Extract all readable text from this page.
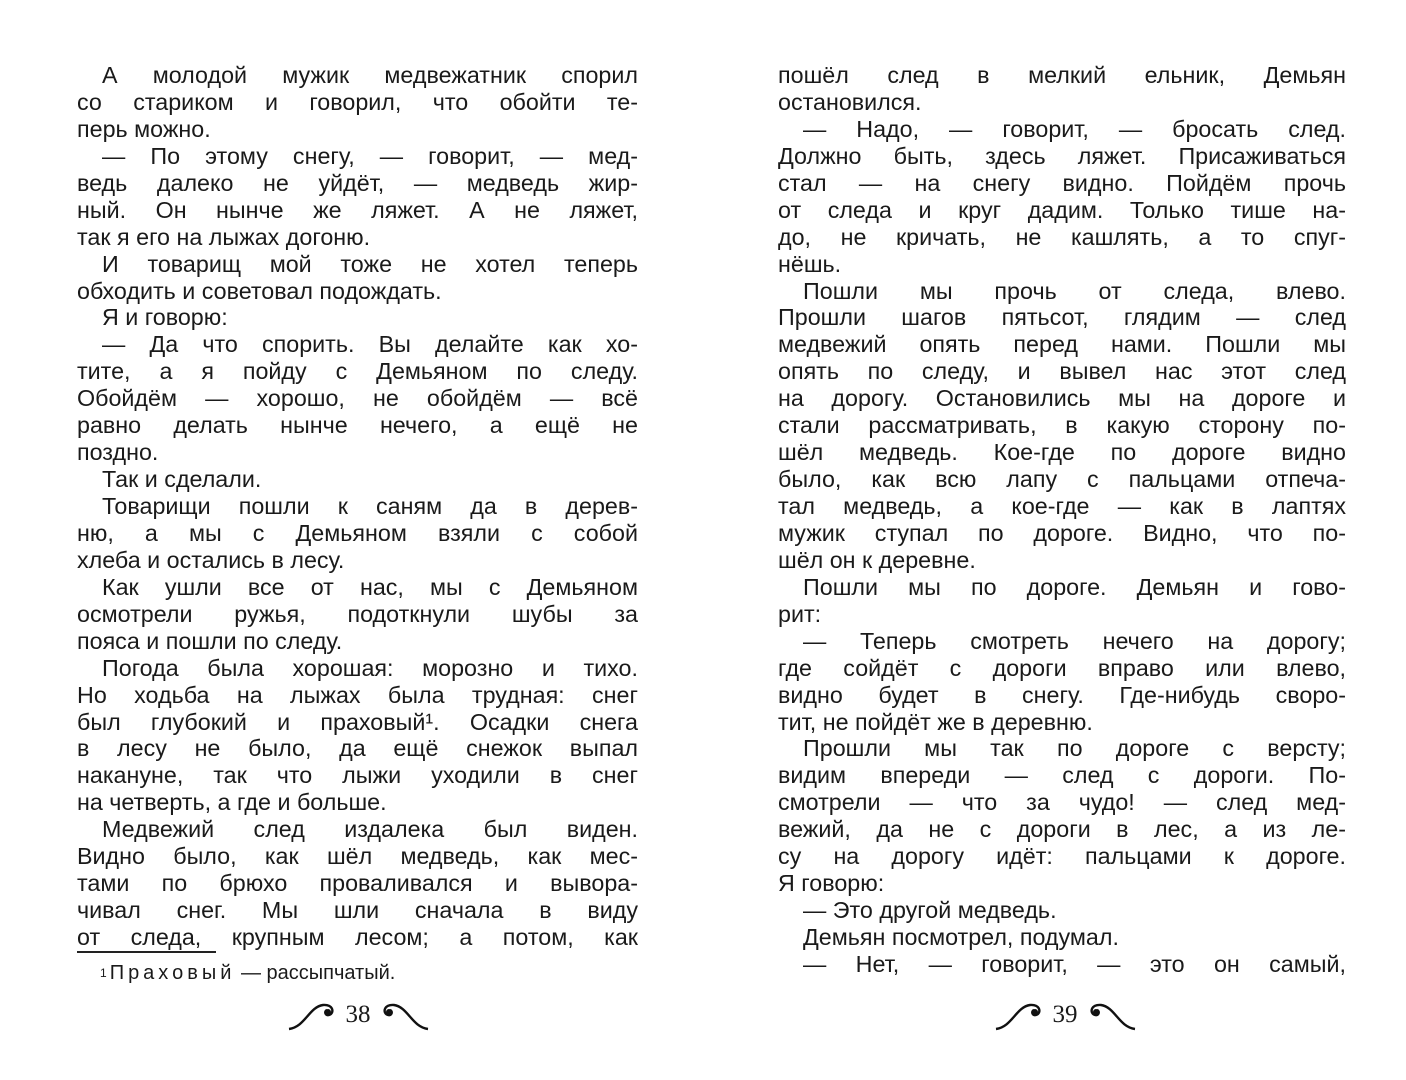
А молодой мужик медвежатник спорил
со стариком и говорил, что обойти те-
перь можно.
— По этому снегу, — говорит, — мед-
ведь далеко не уйдёт, — медведь жир-
ный. Он нынче же ляжет. А не ляжет,
так я его на лыжах догоню.
И товарищ мой тоже не хотел теперь
обходить и советовал подождать.
Я и говорю:
— Да что спорить. Вы делайте как хо-
тите, а я пойду с Демьяном по следу.
Обойдём — хорошо, не обойдём — всё
равно делать нынче нечего, а ещё не
поздно.
Так и сделали.
Товарищи пошли к саням да в дерев-
ню, а мы с Демьяном взяли с собой
хлеба и остались в лесу.
Как ушли все от нас, мы с Демьяном
осмотрели ружья, подоткнули шубы за
пояса и пошли по следу.
Погода была хорошая: морозно и тихо.
Но ходьба на лыжах была трудная: снег
был глубокий и праховый¹. Осадки снега
в лесу не было, да ещё снежок выпал
накануне, так что лыжи уходили в снег
на четверть, а где и больше.
Медвежий след издалека был виден.
Видно было, как шёл медведь, как мес-
тами по брюхо проваливался и вывора-
чивал снег. Мы шли сначала в виду
от следа, крупным лесом; а потом, как
пошёл след в мелкий ельник, Демьян
остановился.
— Надо, — говорит, — бросать след.
Должно быть, здесь ляжет. Присаживаться
стал — на снегу видно. Пойдём прочь
от следа и круг дадим. Только тише на-
до, не кричать, не кашлять, а то спуг-
нёшь.
Пошли мы прочь от следа, влево.
Прошли шагов пятьсот, глядим — след
медвежий опять перед нами. Пошли мы
опять по следу, и вывел нас этот след
на дорогу. Остановились мы на дороге и
стали рассматривать, в какую сторону по-
шёл медведь. Кое-где по дороге видно
было, как всю лапу с пальцами отпеча-
тал медведь, а кое-где — как в лаптях
мужик ступал по дороге. Видно, что по-
шёл он к деревне.
Пошли мы по дороге. Демьян и гово-
рит:
— Теперь смотреть нечего на дорогу;
где сойдёт с дороги вправо или влево,
видно будет в снегу. Где-нибудь своро-
тит, не пойдёт же в деревню.
Прошли мы так по дороге с версту;
видим впереди — след с дороги. По-
смотрели — что за чудо! — след мед-
вежий, да не с дороги в лес, а из ле-
су на дорогу идёт: пальцами к дороге.
Я говорю:
— Это другой медведь.
Демьян посмотрел, подумал.
— Нет, — говорит, — это он самый,
$^1$ Праховый — рассыпчатый.
38	39
